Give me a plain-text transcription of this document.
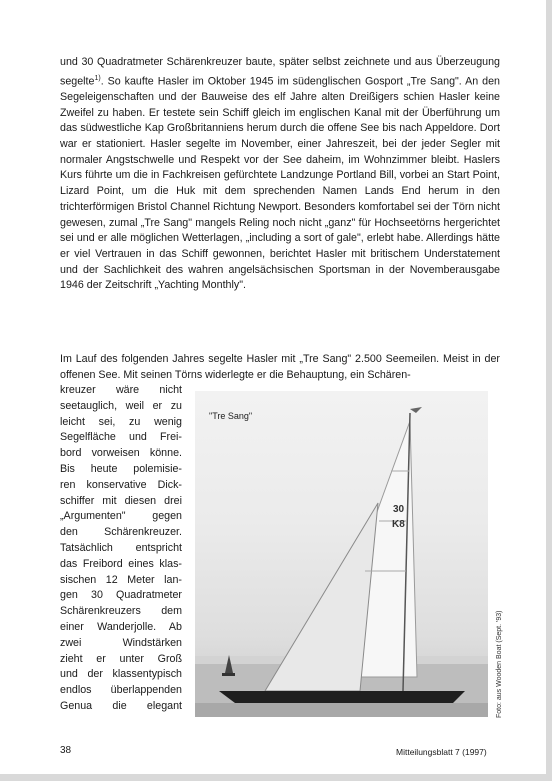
und 30 Quadratmeter Schärenkreuzer baute, später selbst zeichnete und aus Überzeugung segelte$^{1)}$. So kaufte Hasler im Oktober 1945 im südenglischen Gosport „Tre Sang". An den Segeleigenschaften und der Bauweise des elf Jahre alten Dreißigers schien Hasler keine Zweifel zu haben. Er testete sein Schiff gleich im englischen Kanal mit der Überführung um das südwestliche Kap Großbritanniens herum durch die offene See bis nach Appeldore. Dort war er stationiert. Hasler segelte im November, einer Jahreszeit, bei der jeder Segler mit normaler Angstschwelle und Respekt vor der See daheim, im Wohnzimmer bleibt. Haslers Kurs führte um die in Fachkreisen gefürchtete Landzunge Portland Bill, vorbei an Start Point, Lizard Point, um die Huk mit dem sprechenden Namen Lands End herum in den trichterförmigen Bristol Channel Richtung Newport. Besonders komfortabel sei der Törn nicht gewesen, zumal „Tre Sang" mangels Reling noch nicht „ganz" für Hochseetörns hergerichtet sei und er alle möglichen Wetterlagen, „including a sort of gale", erlebt habe. Allerdings hätte er viel Vertrauen in das Schiff gewonnen, berichtet Hasler mit britischem Understatement und der Sachlichkeit des wahren angelsächsischen Sportsman in der Novemberausgabe 1946 der Zeitschrift „Yachting Monthly".
Im Lauf des folgenden Jahres segelte Hasler mit „Tre Sang" 2.500 Seemeilen. Meist in der offenen See. Mit seinen Törns widerlegte er die Behauptung, ein Schären-
kreuzer wäre nicht
seetauglich, weil er zu
leicht sei, zu wenig
Segelfläche und Frei-
bord vorweisen könne.
Bis heute polemisie-
ren konservative Dick-
schiffer mit diesen drei
„Argumenten" gegen
den Schärenkreuzer.
Tatsächlich entspricht
das Freibord eines klas-
sischen 12 Meter lan-
gen 30 Quadratmeter
Schärenkreuzers dem
einer Wanderjolle. Ab
zwei Windstärken
zieht er unter Groß
und der klassentypisch
endlos überlappenden
Genua die elegant
30
K8
"Tre Sang"
Foto: aus Wooden Boat (Sept. '93)
38	Mitteilungsblatt 7 (1997)
